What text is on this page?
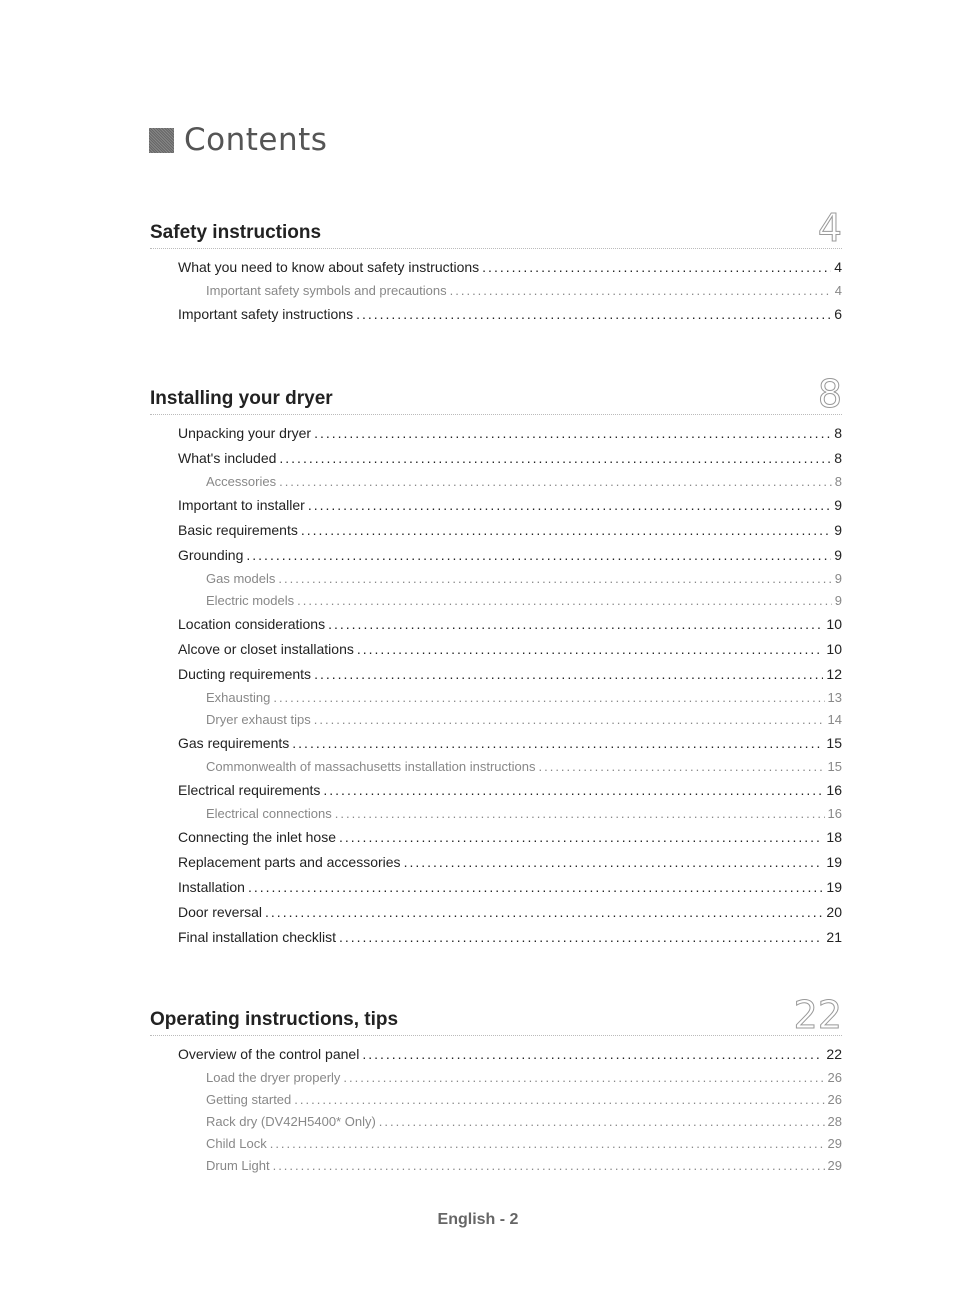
Contents
Safety instructions	4
What you need to know about safety instructions .....	4
Important safety symbols and precautions .....	4
Important safety instructions .....	6
Installing your dryer	8
Unpacking your dryer .....	8
What's included .....	8
Accessories .....	8
Important to installer .....	9
Basic requirements .....	9
Grounding .....	9
Gas models .....	9
Electric models .....	9
Location considerations .....	10
Alcove or closet installations .....	10
Ducting requirements .....	12
Exhausting .....	13
Dryer exhaust tips .....	14
Gas requirements .....	15
Commonwealth of massachusetts installation instructions .....	15
Electrical requirements .....	16
Electrical connections .....	16
Connecting the inlet hose .....	18
Replacement parts and accessories .....	19
Installation .....	19
Door reversal .....	20
Final installation checklist .....	21
Operating instructions, tips	22
Overview of the control panel .....	22
Load the dryer properly .....	26
Getting started .....	26
Rack dry (DV42H5400* Only) .....	28
Child Lock .....	29
Drum Light .....	29
English - 2
